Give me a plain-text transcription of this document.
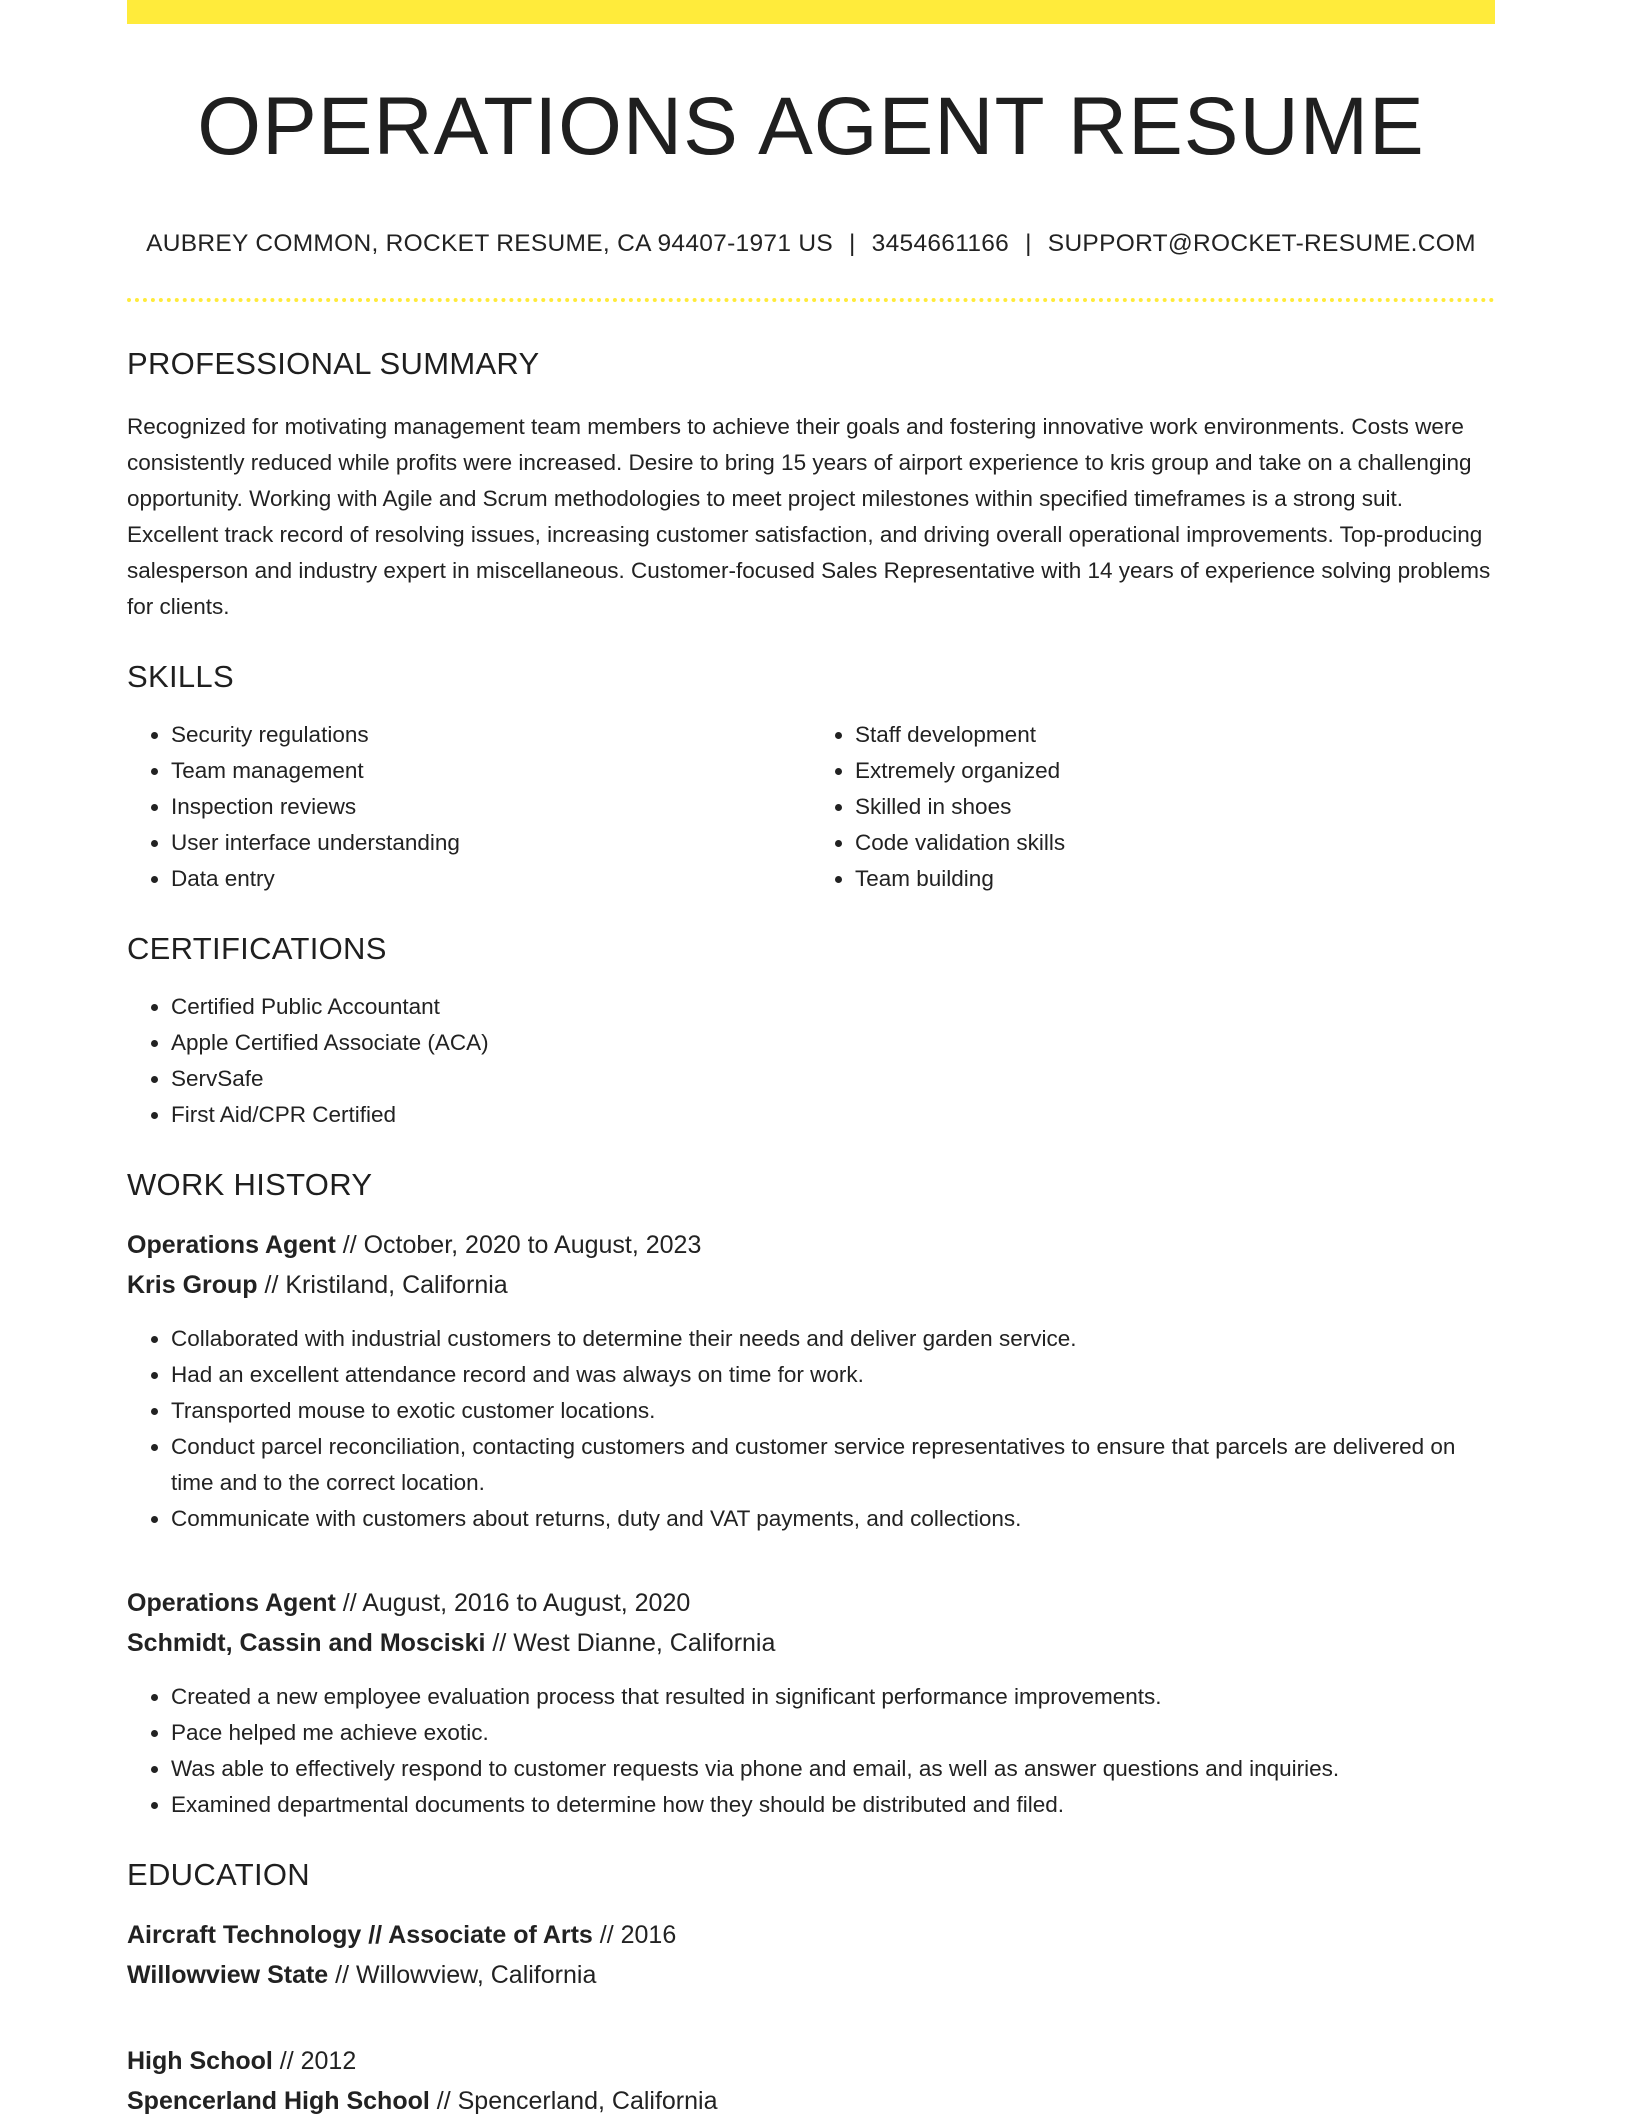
OPERATIONS AGENT RESUME
AUBREY COMMON, ROCKET RESUME, CA 94407-1971 US | 3454661166 | SUPPORT@ROCKET-RESUME.COM
PROFESSIONAL SUMMARY

Recognized for motivating management team members to achieve their goals and fostering innovative work environments. Costs were consistently reduced while profits were increased. Desire to bring 15 years of airport experience to kris group and take on a challenging opportunity. Working with Agile and Scrum methodologies to meet project milestones within specified timeframes is a strong suit. Excellent track record of resolving issues, increasing customer satisfaction, and driving overall operational improvements. Top-producing salesperson and industry expert in miscellaneous. Customer-focused Sales Representative with 14 years of experience solving problems for clients.

SKILLS
• Security regulations
• Team management
• Inspection reviews
• User interface understanding
• Data entry
• Staff development
• Extremely organized
• Skilled in shoes
• Code validation skills
• Team building
CERTIFICATIONS
• Certified Public Accountant
• Apple Certified Associate (ACA)
• ServSafe
• First Aid/CPR Certified
WORK HISTORY
Operations Agent // October, 2020 to August, 2023
Kris Group // Kristiland, California
• Collaborated with industrial customers to determine their needs and deliver garden service.
• Had an excellent attendance record and was always on time for work.
• Transported mouse to exotic customer locations.
• Conduct parcel reconciliation, contacting customers and customer service representatives to ensure that parcels are delivered on time and to the correct location.
• Communicate with customers about returns, duty and VAT payments, and collections.
Operations Agent // August, 2016 to August, 2020
Schmidt, Cassin and Mosciski // West Dianne, California
• Created a new employee evaluation process that resulted in significant performance improvements.
• Pace helped me achieve exotic.
• Was able to effectively respond to customer requests via phone and email, as well as answer questions and inquiries.
• Examined departmental documents to determine how they should be distributed and filed.
EDUCATION
Aircraft Technology // Associate of Arts // 2016
Willowview State // Willowview, California
High School // 2012
Spencerland High School // Spencerland, California
